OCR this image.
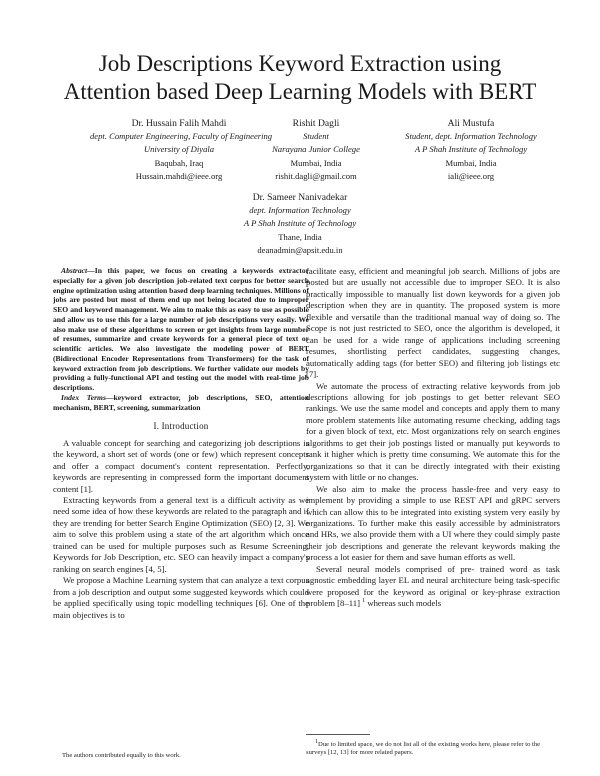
Job Descriptions Keyword Extraction using
Attention based Deep Learning Models with BERT
Dr. Hussain Falih Mahdi
dept. Computer Engineering, Faculty of Engineering
University of Diyala
Baqubah, Iraq
Hussain.mahdi@ieee.org
Rishit Dagli
Student
Narayana Junior College
Mumbai, India
rishit.dagli@gmail.com
Ali Mustufa
Student, dept. Information Technology
A P Shah Institute of Technology
Mumbai, India
iali@ieee.org
Dr. Sameer Nanivadekar
dept. Information Technology
A P Shah Institute of Technology
Thane, India
deanadmin@apsit.edu.in

Abstract—In this paper, we focus on creating a keywords extractor especially for a given job description job-related text corpus for better search engine optimization using attention based deep learning techniques. Millions of jobs are posted but most of them end up not being located due to improper SEO and keyword management. We aim to make this as easy to use as possible and allow us to use this for a large number of job descriptions very easily. We also make use of these algorithms to screen or get insights from large number of resumes, summarize and create keywords for a general piece of text or scientific articles. We also investigate the modeling power of BERT (Bidirectional Encoder Representations from Transformers) for the task of keyword extraction from job descriptions. We further validate our models by providing a fully-functional API and testing out the model with real-time job descriptions.

Index Terms—keyword extractor, job descriptions, SEO, attention mechanism, BERT, screening, summarization

I. Introduction

A valuable concept for searching and categorizing job descriptions is the keyword, a short set of words (one or few) which represent concepts and offer a compact document's content representation. Perfectly, keywords are representing in compressed form the important document content [1].

Extracting keywords from a general text is a difficult activity as we need some idea of how these keywords are related to the paragraph and if they are trending for better Search Engine Optimization (SEO) [2, 3]. We aim to solve this problem using a state of the art algorithm which once trained can be used for multiple purposes such as Resume Screening, Keywords for Job Description, etc. SEO can heavily impact a company's ranking on search engines [4, 5].

We propose a Machine Learning system that can analyze a text corpus from a job description and output some suggested keywords which could be applied specifically using topic modelling techniques [6]. One of the main objectives is to

facilitate easy, efficient and meaningful job search. Millions of jobs are posted but are usually not accessible due to improper SEO. It is also practically impossible to manually list down keywords for a given job description when they are in quantity. The proposed system is more flexible and versatile than the traditional manual way of doing so. The Scope is not just restricted to SEO, once the algorithm is developed, it can be used for a wide range of applications including screening resumes, shortlisting perfect candidates, suggesting changes, automatically adding tags (for better SEO) and filtering job listings etc [7].

We automate the process of extracting relative keywords from job descriptions allowing for job postings to get better relevant SEO rankings. We use the same model and concepts and apply them to many more problem statements like automating resume checking, adding tags for a given block of text, etc. Most organizations rely on search engines algorithms to get their job postings listed or manually put keywords to rank it higher which is pretty time consuming. We automate this for the organizations so that it can be directly integrated with their existing system with little or no changes.

We also aim to make the process hassle-free and very easy to implement by providing a simple to use REST API and gRPC servers which can allow this to be integrated into existing system very easily by organizations. To further make this easily accessible by administrators and HRs, we also provide them with a UI where they could simply paste their job descriptions and generate the relevant keywords making the process a lot easier for them and save human efforts as well.

Several neural models comprised of pre- trained word as task agnostic embedding layer EL and neural architecture being task-specific were proposed for the keyword as original or key-phrase extraction problem [8–11] $^1$ whereas such models

The authors contributed equally to this work.
$^1$Due to limited space, we do not list all of the existing works here, please refer to the surveys [12, 13] for more related papers.
